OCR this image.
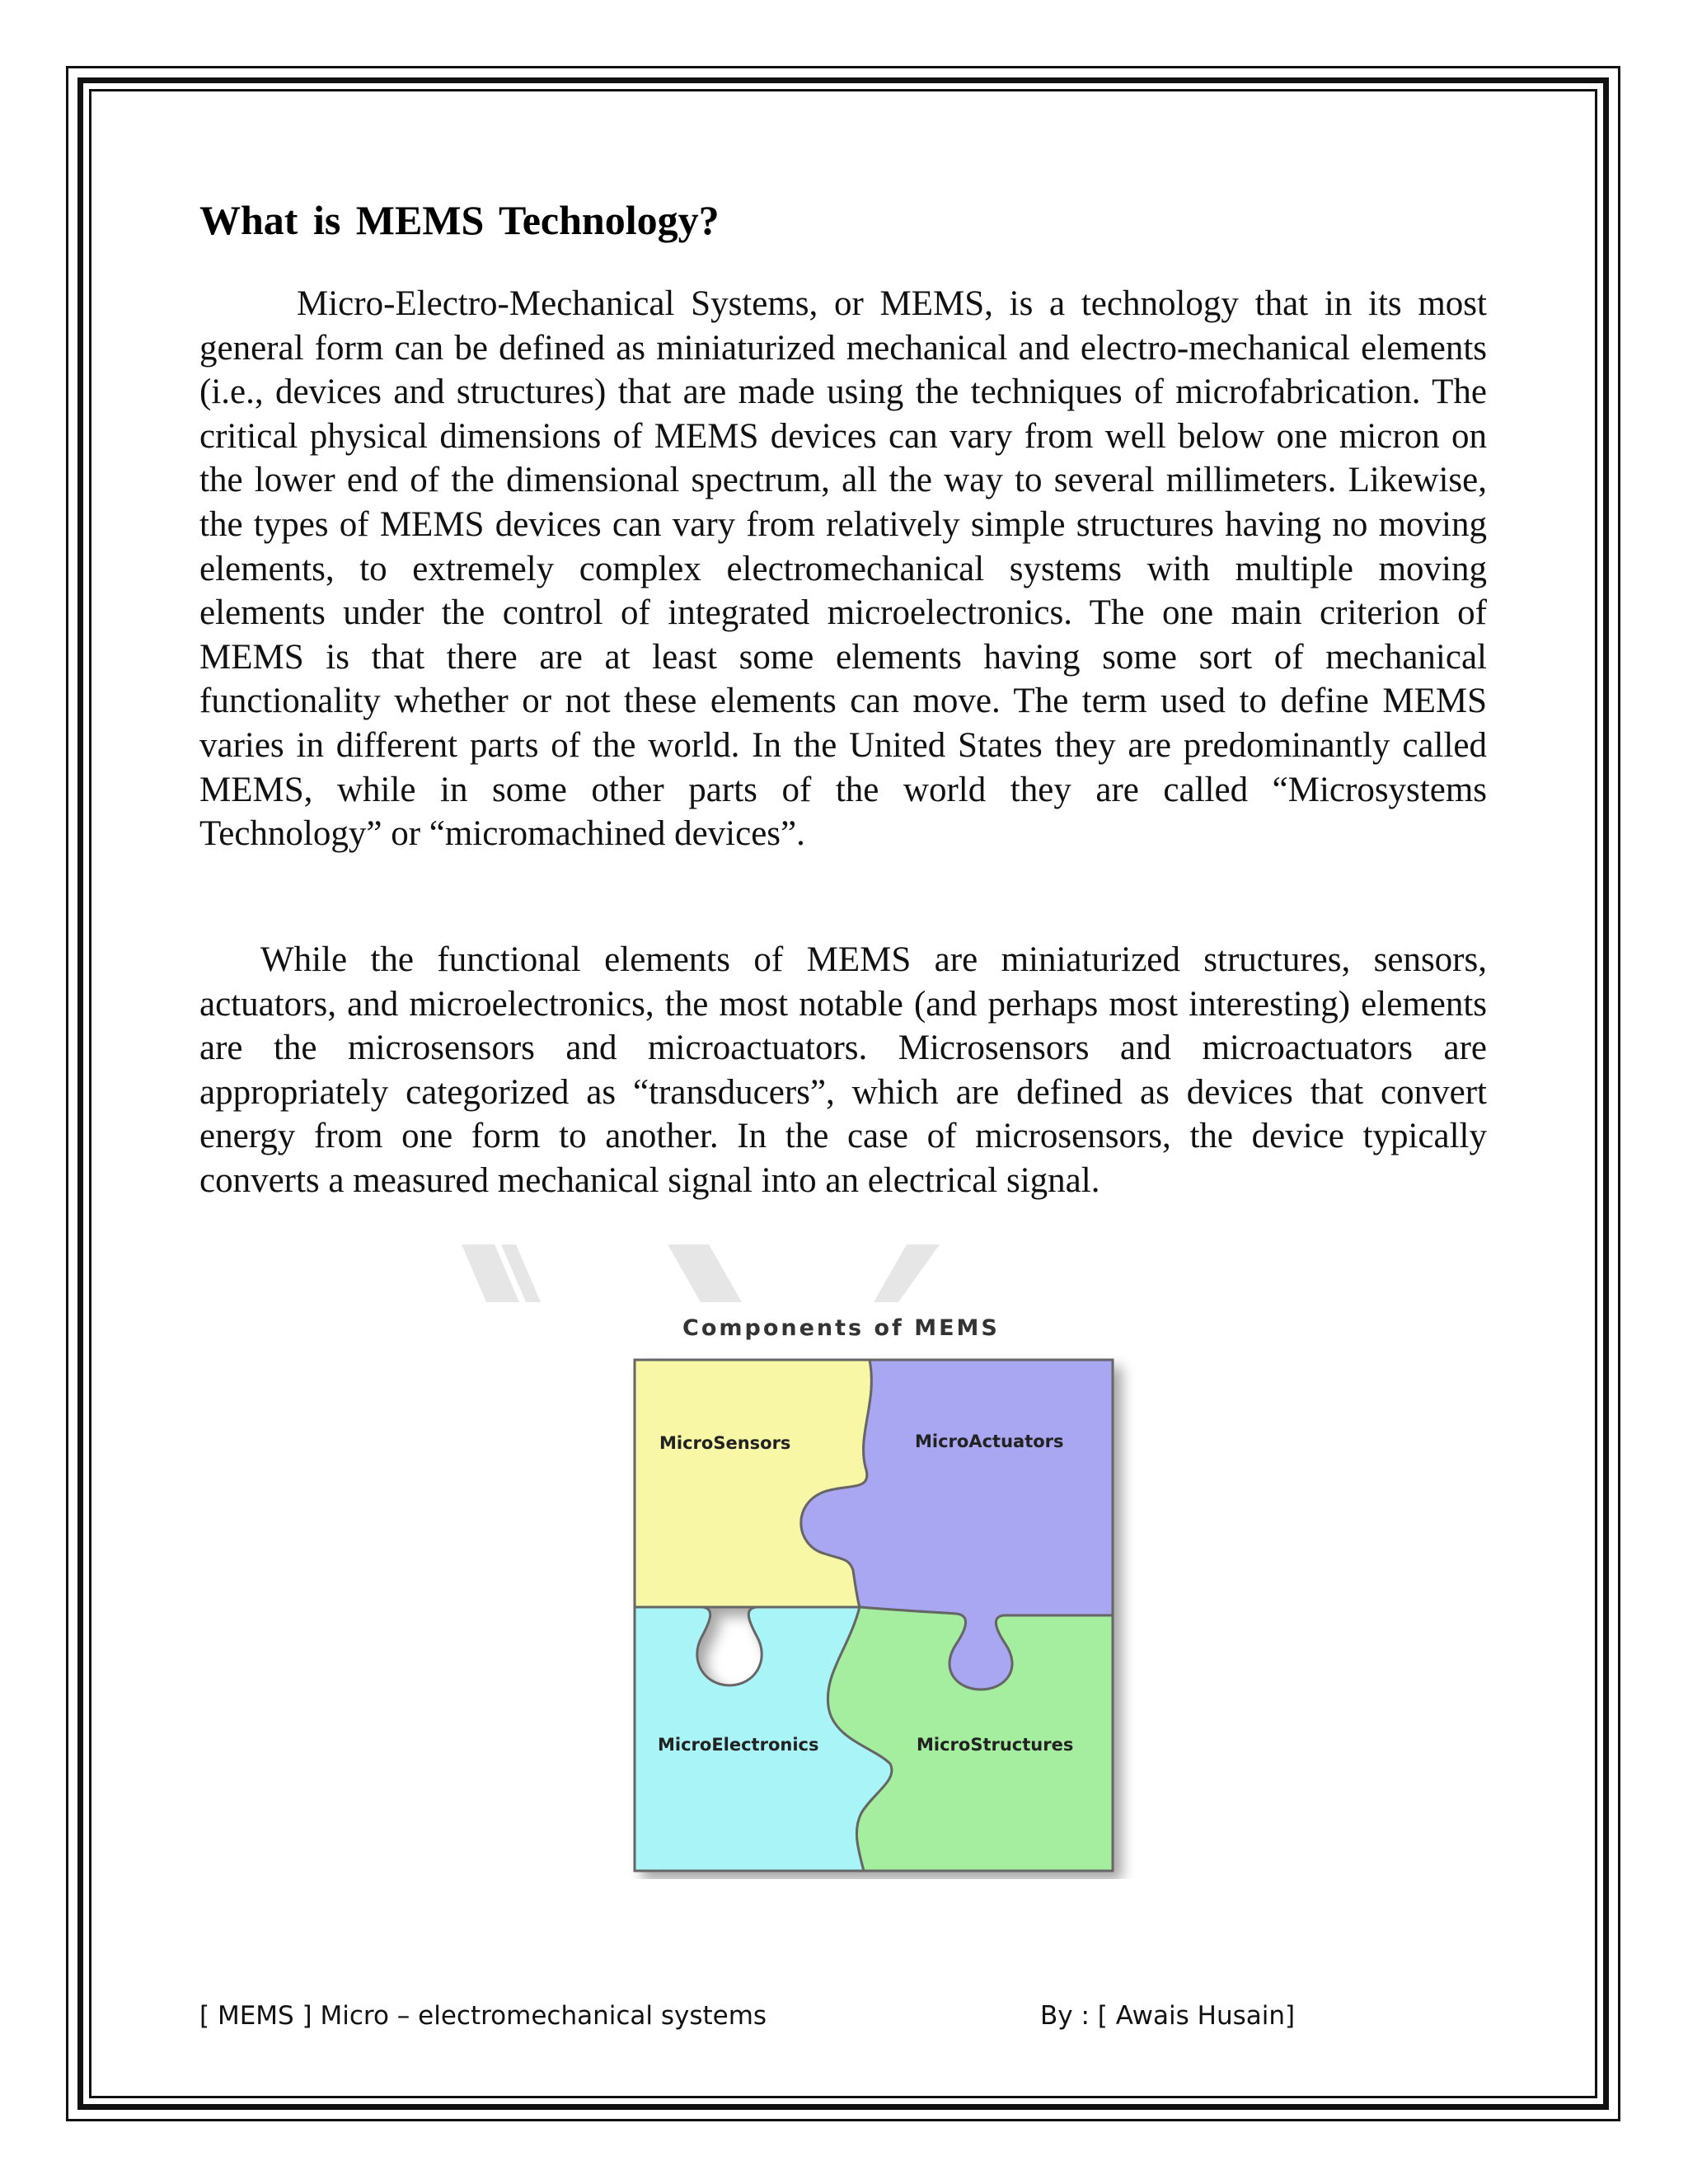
What is MEMS Technology?

Micro-Electro-Mechanical Systems, or MEMS, is a technology that in its most general form can be defined as miniaturized mechanical and electro-mechanical elements (i.e., devices and structures) that are made using the techniques of microfabrication. The critical physical dimensions of MEMS devices can vary from well below one micron on the lower end of the dimensional spectrum, all the way to several millimeters. Likewise, the types of MEMS devices can vary from relatively simple structures having no moving elements, to extremely complex electromechanical systems with multiple moving elements under the control of integrated microelectronics. The one main criterion of MEMS is that there are at least some elements having some sort of mechanical functionality whether or not these elements can move. The term used to define MEMS varies in different parts of the world. In the United States they are predominantly called MEMS, while in some other parts of the world they are called “Microsystems Technology” or “micromachined devices”.

While the functional elements of MEMS are miniaturized structures, sensors, actuators, and microelectronics, the most notable (and perhaps most interesting) elements are the microsensors and microactuators. Microsensors and microactuators are appropriately categorized as “transducers”, which are defined as devices that convert energy from one form to another. In the case of microsensors, the device typically converts a measured mechanical signal into an electrical signal.

Components of MEMS
MicroSensors	MicroActuators
MicroElectronics	MicroStructures
[ MEMS ] Micro – electromechanical systems	By : [ Awais Husain]
